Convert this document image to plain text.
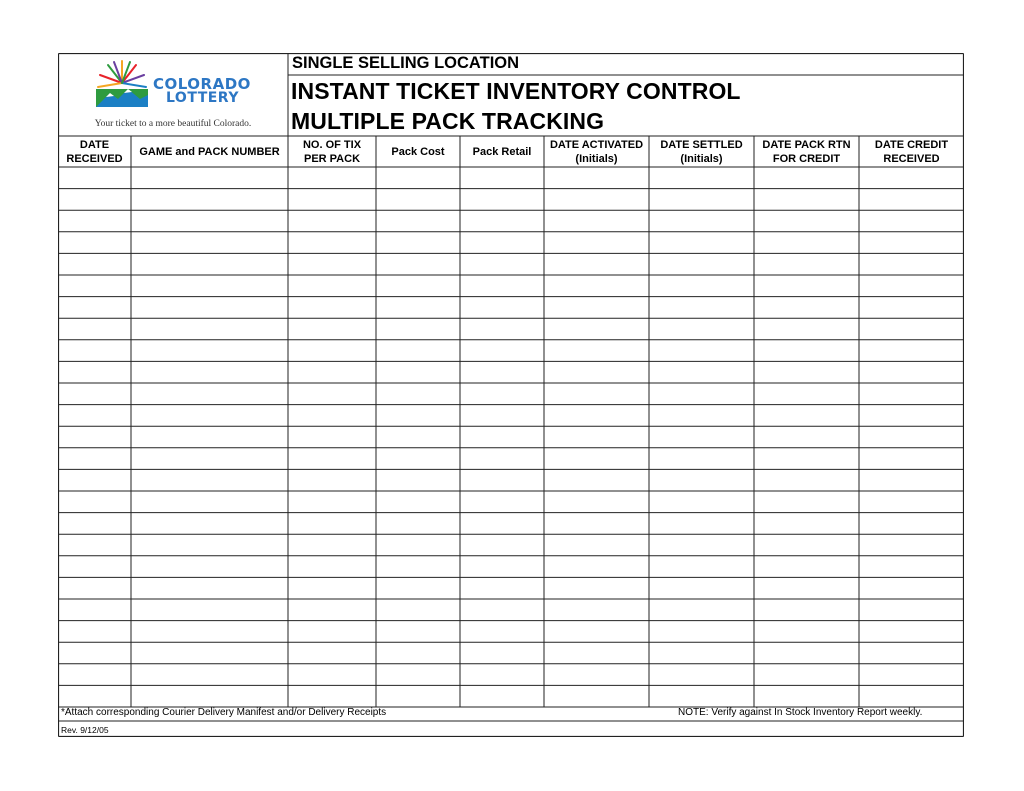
COLORADO
LOTTERY
Your ticket to a more beautiful Colorado.
SINGLE SELLING LOCATION
INSTANT TICKET INVENTORY CONTROL
MULTIPLE PACK TRACKING
DATE
RECEIVED
GAME and PACK NUMBER
NO. OF TIX
PER PACK
Pack Cost	Pack Retail
DATE ACTIVATED
(Initials)
DATE SETTLED
(Initials)
DATE PACK RTN
FOR CREDIT
DATE CREDIT
RECEIVED
*Attach corresponding Courier Delivery Manifest and/or Delivery Receipts	NOTE: Verify against In Stock Inventory Report weekly.
Rev. 9/12/05
